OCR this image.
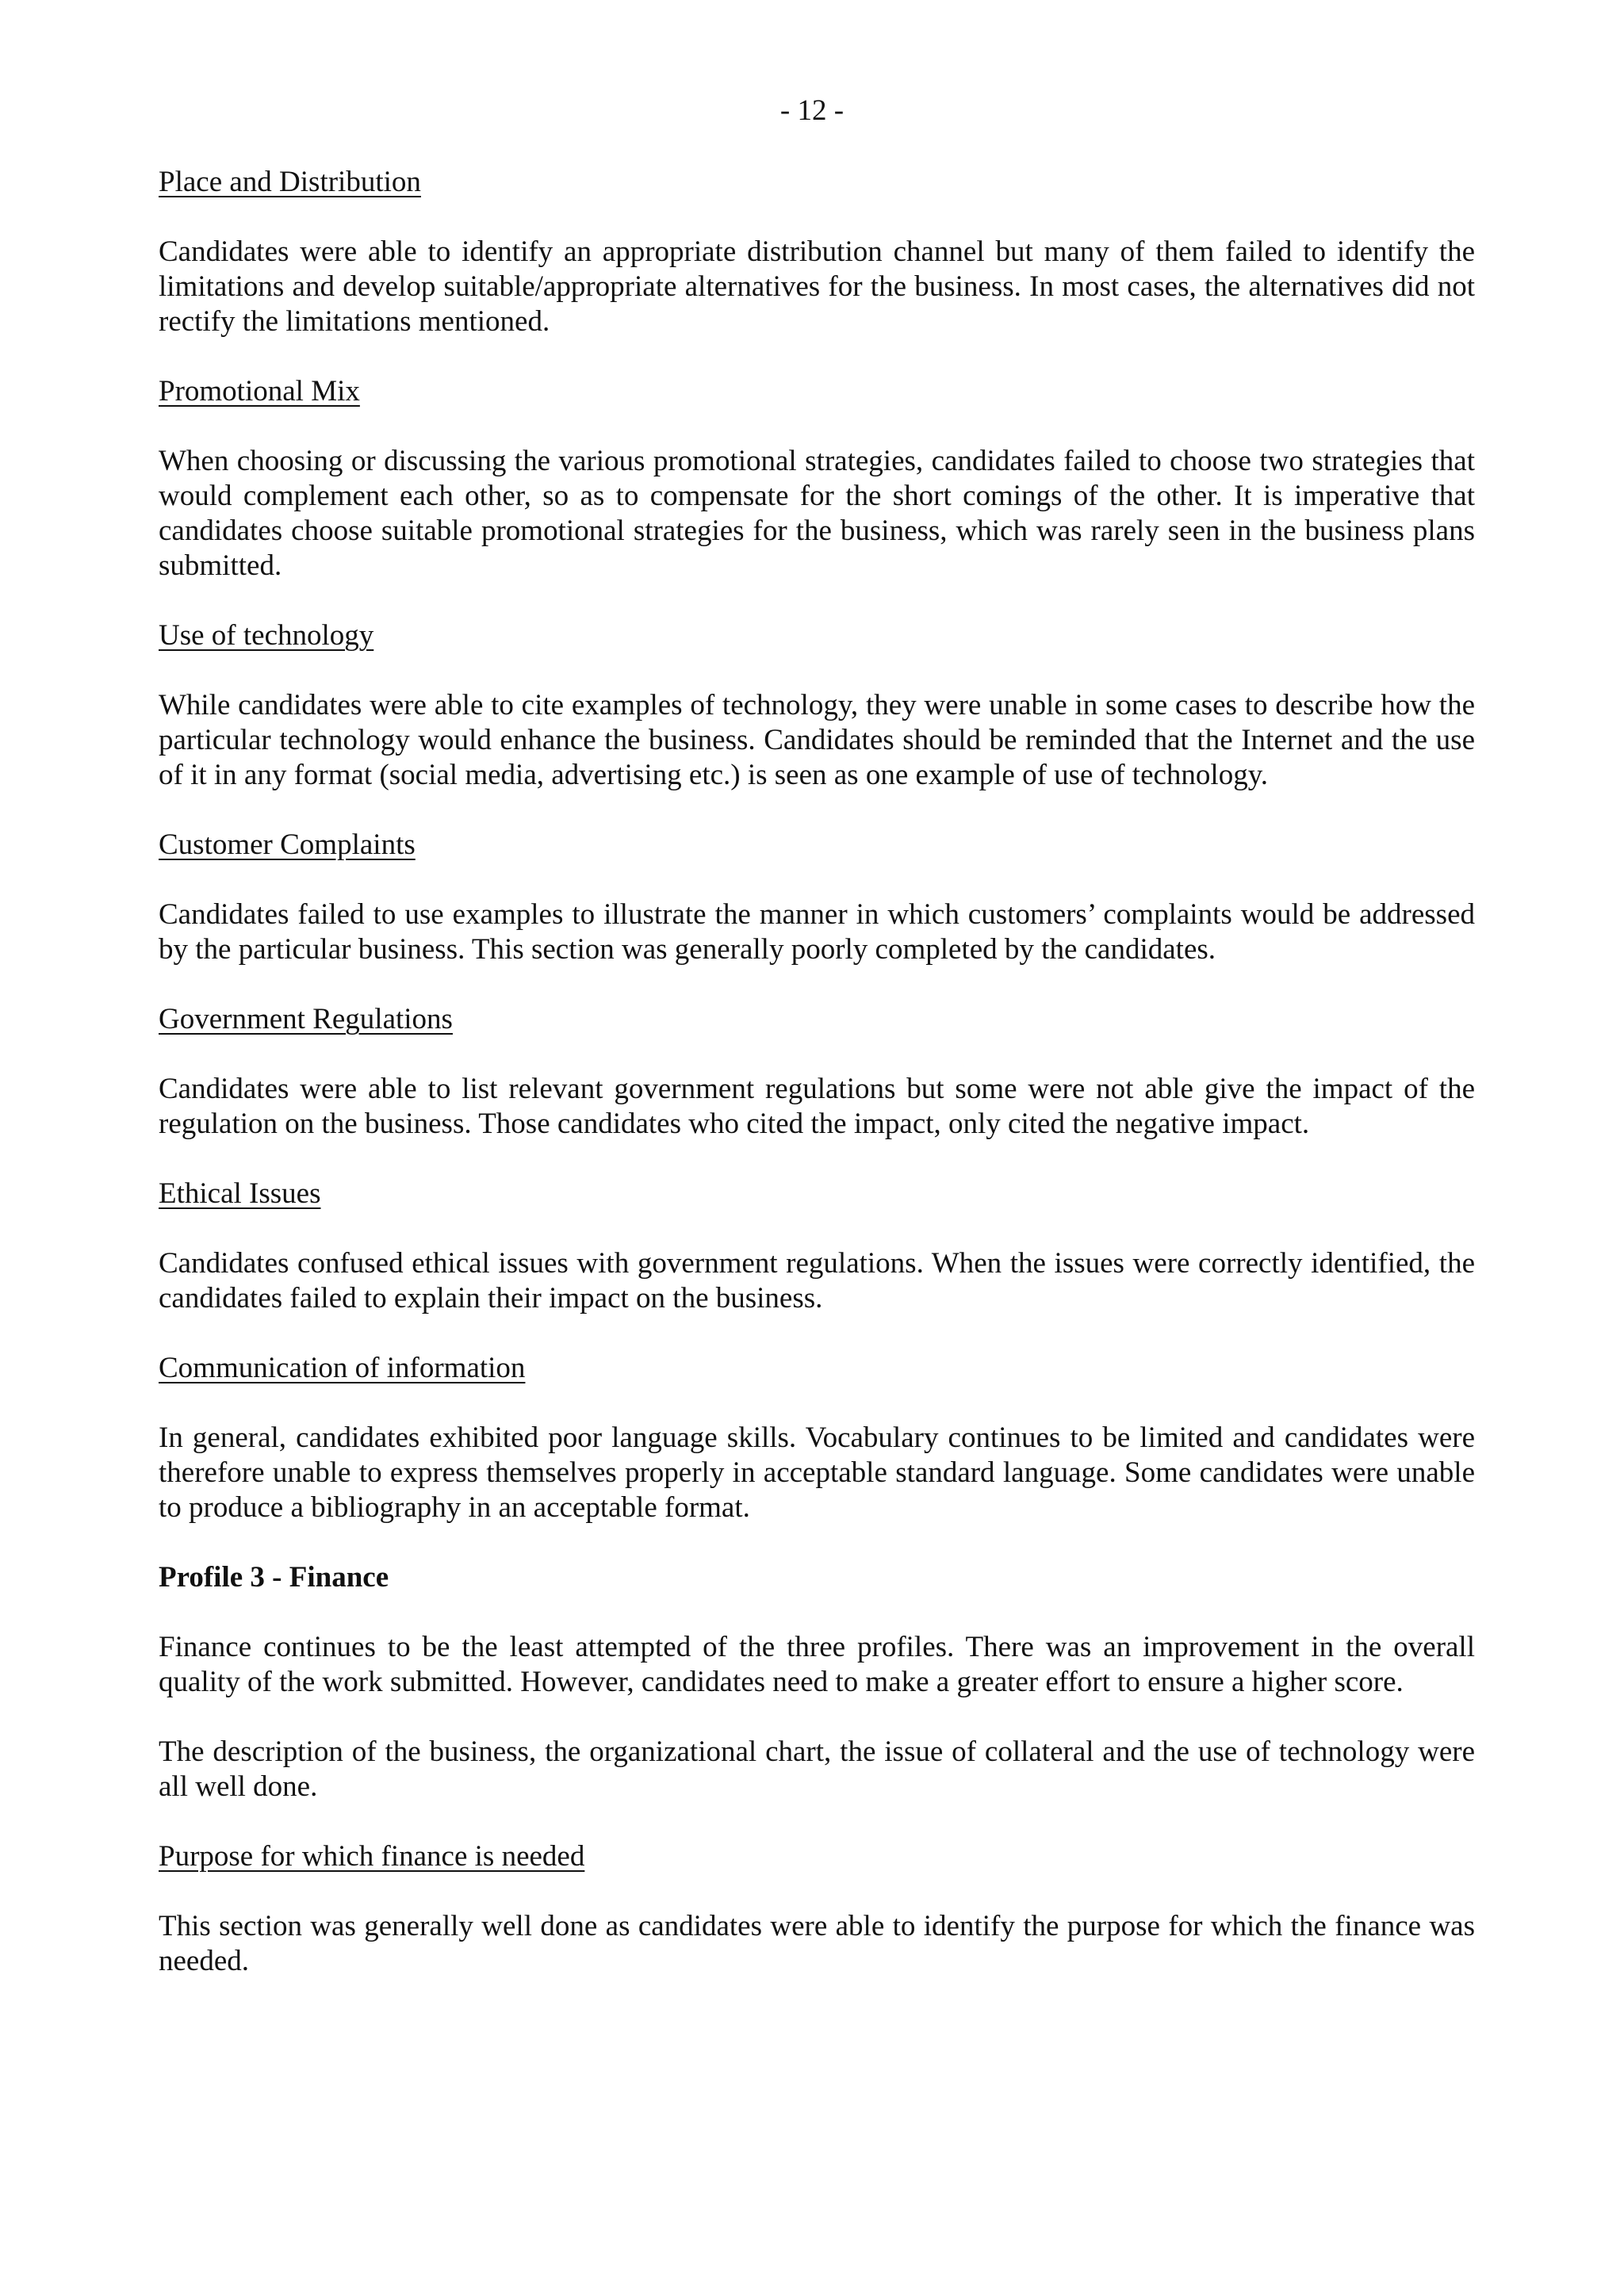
- 12 -

Place and Distribution

Candidates were able to identify an appropriate distribution channel but many of them failed to identify the limitations and develop suitable/appropriate alternatives for the business. In most cases, the alternatives did not rectify the limitations mentioned.

Promotional Mix

When choosing or discussing the various promotional strategies, candidates failed to choose two strategies that would complement each other, so as to compensate for the short comings of the other. It is imperative that candidates choose suitable promotional strategies for the business, which was rarely seen in the business plans submitted.

Use of technology

While candidates were able to cite examples of technology, they were unable in some cases to describe how the particular technology would enhance the business. Candidates should be reminded that the Internet and the use of it in any format (social media, advertising etc.) is seen as one example of use of technology.

Customer Complaints

Candidates failed to use examples to illustrate the manner in which customers’ complaints would be addressed by the particular business. This section was generally poorly completed by the candidates.

Government Regulations

Candidates were able to list relevant government regulations but some were not able give the impact of the regulation on the business. Those candidates who cited the impact, only cited the negative impact.

Ethical Issues

Candidates confused ethical issues with government regulations. When the issues were correctly identified, the candidates failed to explain their impact on the business.

Communication of information

In general, candidates exhibited poor language skills. Vocabulary continues to be limited and candidates were therefore unable to express themselves properly in acceptable standard language. Some candidates were unable to produce a bibliography in an acceptable format.

Profile 3 - Finance

Finance continues to be the least attempted of the three profiles. There was an improvement in the overall quality of the work submitted. However, candidates need to make a greater effort to ensure a higher score.

The description of the business, the organizational chart, the issue of collateral and the use of technology were all well done.

Purpose for which finance is needed

This section was generally well done as candidates were able to identify the purpose for which the finance was needed.
